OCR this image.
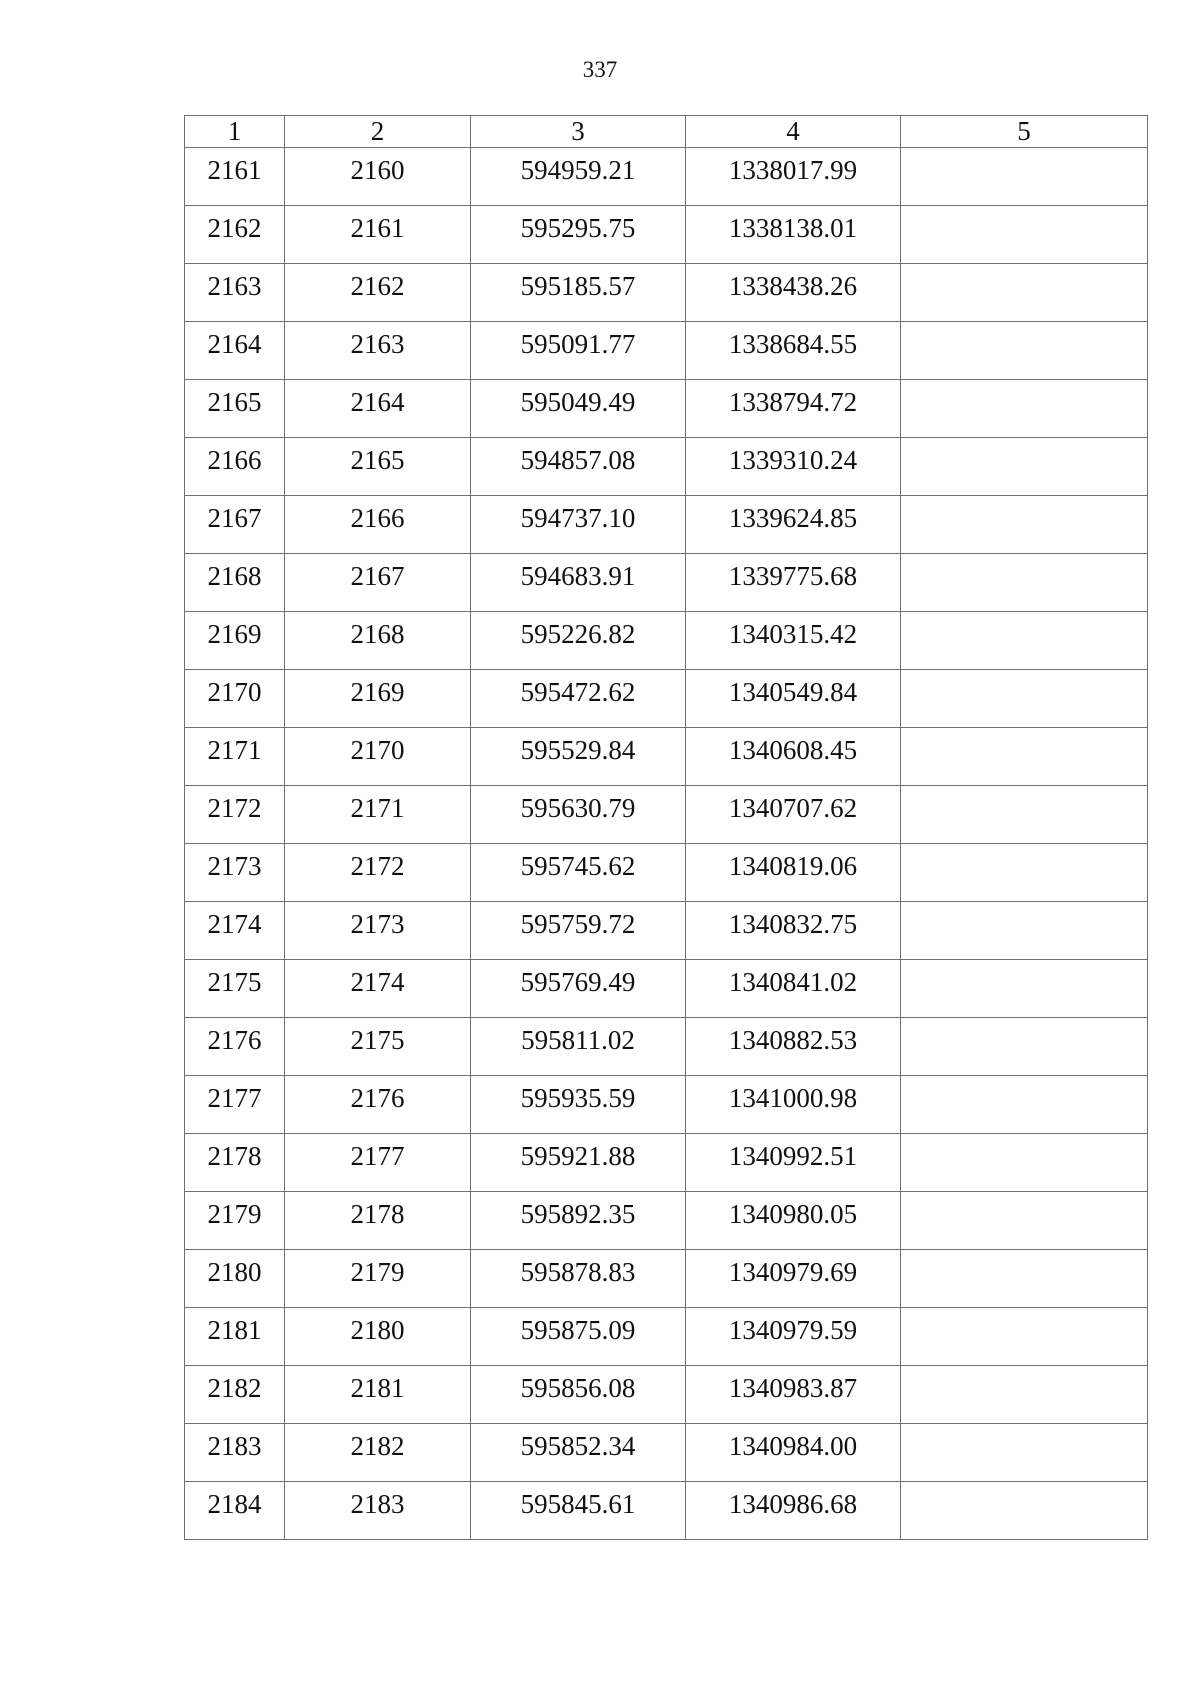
337
1	2	3	4	5

2161	2160	594959.21	1338017.99	

2162	2161	595295.75	1338138.01	

2163	2162	595185.57	1338438.26	

2164	2163	595091.77	1338684.55	

2165	2164	595049.49	1338794.72	

2166	2165	594857.08	1339310.24	

2167	2166	594737.10	1339624.85	

2168	2167	594683.91	1339775.68	

2169	2168	595226.82	1340315.42	

2170	2169	595472.62	1340549.84	

2171	2170	595529.84	1340608.45	

2172	2171	595630.79	1340707.62	

2173	2172	595745.62	1340819.06	

2174	2173	595759.72	1340832.75	

2175	2174	595769.49	1340841.02	

2176	2175	595811.02	1340882.53	

2177	2176	595935.59	1341000.98	

2178	2177	595921.88	1340992.51	

2179	2178	595892.35	1340980.05	

2180	2179	595878.83	1340979.69	

2181	2180	595875.09	1340979.59	

2182	2181	595856.08	1340983.87	

2183	2182	595852.34	1340984.00	

2184	2183	595845.61	1340986.68	
